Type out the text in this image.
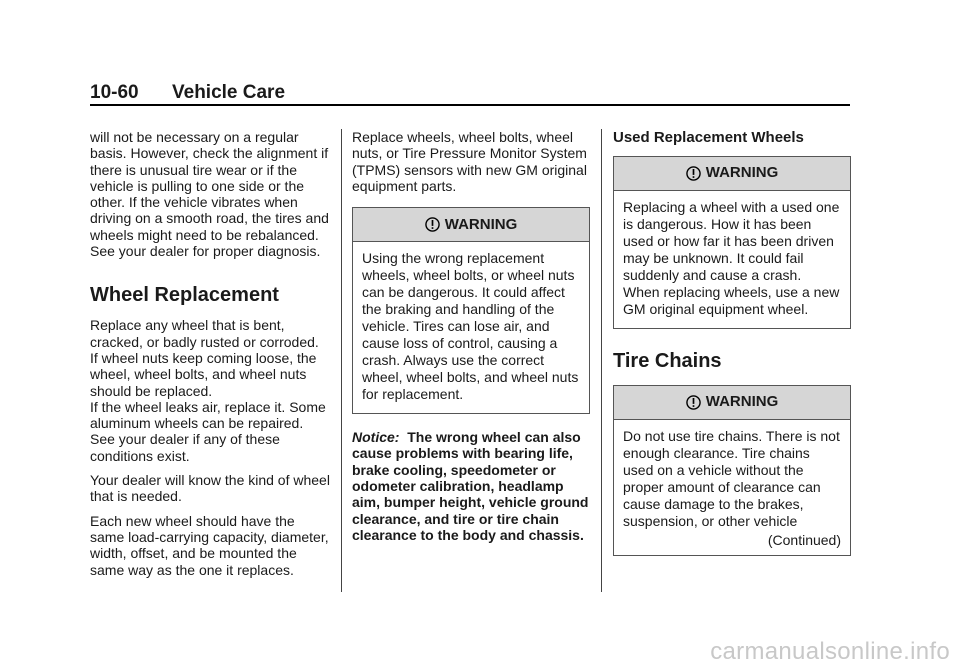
10-60 Vehicle Care

will not be necessary on a regular basis. However, check the alignment if there is unusual tire wear or if the vehicle is pulling to one side or the other. If the vehicle vibrates when driving on a smooth road, the tires and wheels might need to be rebalanced. See your dealer for proper diagnosis.

Wheel Replacement

Replace any wheel that is bent, cracked, or badly rusted or corroded. If wheel nuts keep coming loose, the wheel, wheel bolts, and wheel nuts should be replaced.

If the wheel leaks air, replace it. Some aluminum wheels can be repaired. See your dealer if any of these conditions exist.

Your dealer will know the kind of wheel that is needed.

Each new wheel should have the same load-carrying capacity, diameter, width, offset, and be mounted the same way as the one it replaces.

Replace wheels, wheel bolts, wheel nuts, or Tire Pressure Monitor System (TPMS) sensors with new GM original equipment parts.

WARNING
Using the wrong replacement wheels, wheel bolts, or wheel nuts can be dangerous. It could affect the braking and handling of the vehicle. Tires can lose air, and cause loss of control, causing a crash. Always use the correct wheel, wheel bolts, and wheel nuts for replacement.

Notice: The wrong wheel can also cause problems with bearing life, brake cooling, speedometer or odometer calibration, headlamp aim, bumper height, vehicle ground clearance, and tire or tire chain clearance to the body and chassis.

Used Replacement Wheels
WARNING
Replacing a wheel with a used one is dangerous. How it has been used or how far it has been driven may be unknown. It could fail suddenly and cause a crash. When replacing wheels, use a new GM original equipment wheel.
Tire Chains
WARNING
Do not use tire chains. There is not enough clearance. Tire chains used on a vehicle without the proper amount of clearance can cause damage to the brakes, suspension, or other vehicle
(Continued)
carmanualsonline.info
